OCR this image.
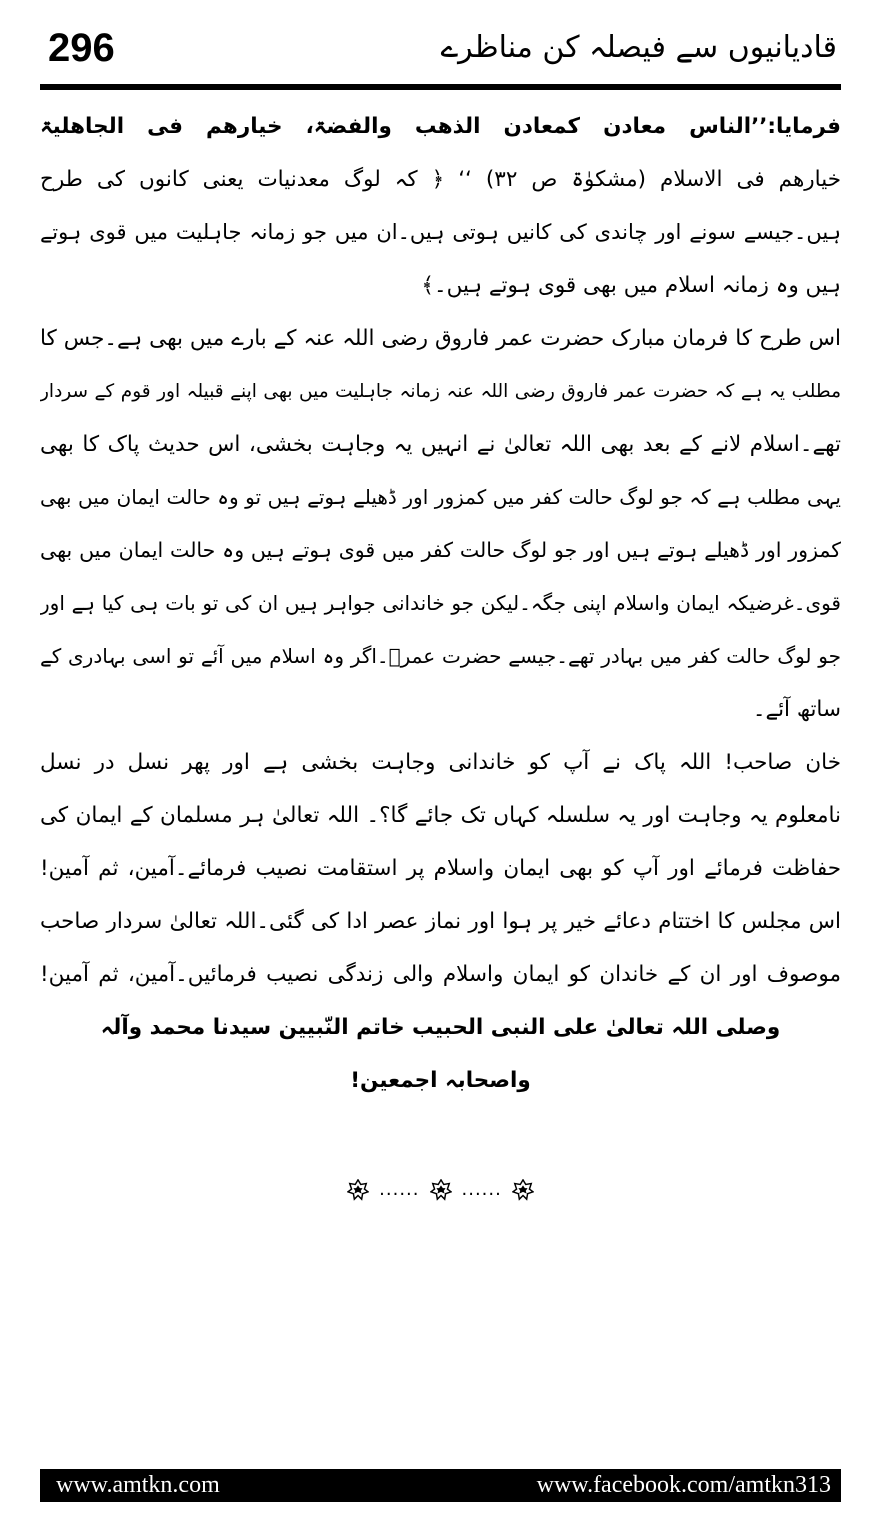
296	قادیانیوں سے فیصلہ کن مناظرے
فرمایا:’’الناس معادن کمعادن الذھب والفضۃ، خیارھم فی الجاھلیۃ
خیارھم فی الاسلام (مشکوٰۃ ص ۳۲) ‘‘ ﴿ کہ لوگ معدنیات یعنی کانوں کی طرح
ہیں۔جیسے سونے اور چاندی کی کانیں ہوتی ہیں۔ان میں جو زمانہ جاہلیت میں قوی ہوتے
ہیں وہ زمانہ اسلام میں بھی قوی ہوتے ہیں۔﴾
اس طرح کا فرمان مبارک حضرت عمر فاروق رضی اللہ عنہ کے بارے میں بھی ہے۔جس کا
مطلب یہ ہے کہ حضرت عمر فاروق رضی اللہ عنہ زمانہ جاہلیت میں بھی اپنے قبیلہ اور قوم کے سردار
تھے۔اسلام لانے کے بعد بھی اللہ تعالیٰ نے انہیں یہ وجاہت بخشی، اس حدیث پاک کا بھی
یہی مطلب ہے کہ جو لوگ حالت کفر میں کمزور اور ڈھیلے ہوتے ہیں تو وہ حالت ایمان میں بھی
کمزور اور ڈھیلے ہوتے ہیں اور جو لوگ حالت کفر میں قوی ہوتے ہیں وہ حالت ایمان میں بھی
قوی۔غرضیکہ ایمان واسلام اپنی جگہ۔لیکن جو خاندانی جواہر ہیں ان کی تو بات ہی کیا ہے اور
جو لوگ حالت کفر میں بہادر تھے۔جیسے حضرت عمرؓ۔اگر وہ اسلام میں آئے تو اسی بہادری کے
ساتھ آئے۔
خان صاحب! اللہ پاک نے آپ کو خاندانی وجاہت بخشی ہے اور پھر نسل در نسل
نامعلوم یہ وجاہت اور یہ سلسلہ کہاں تک جائے گا؟۔ اللہ تعالیٰ ہر مسلمان کے ایمان کی
حفاظت فرمائے اور آپ کو بھی ایمان واسلام پر استقامت نصیب فرمائے۔آمین، ثم آمین!
اس مجلس کا اختتام دعائے خیر پر ہوا اور نماز عصر ادا کی گئی۔اللہ تعالیٰ سردار صاحب
موصوف اور ان کے خاندان کو ایمان واسلام والی زندگی نصیب فرمائیں۔آمین، ثم آمین!
وصلی اللہ تعالیٰ علی النبی الحبیب خاتم النّبیین سیدنا محمد وآلہ
واصحابہ اجمعین!
...... ......
www.amtkn.com	www.facebook.com/amtkn313
